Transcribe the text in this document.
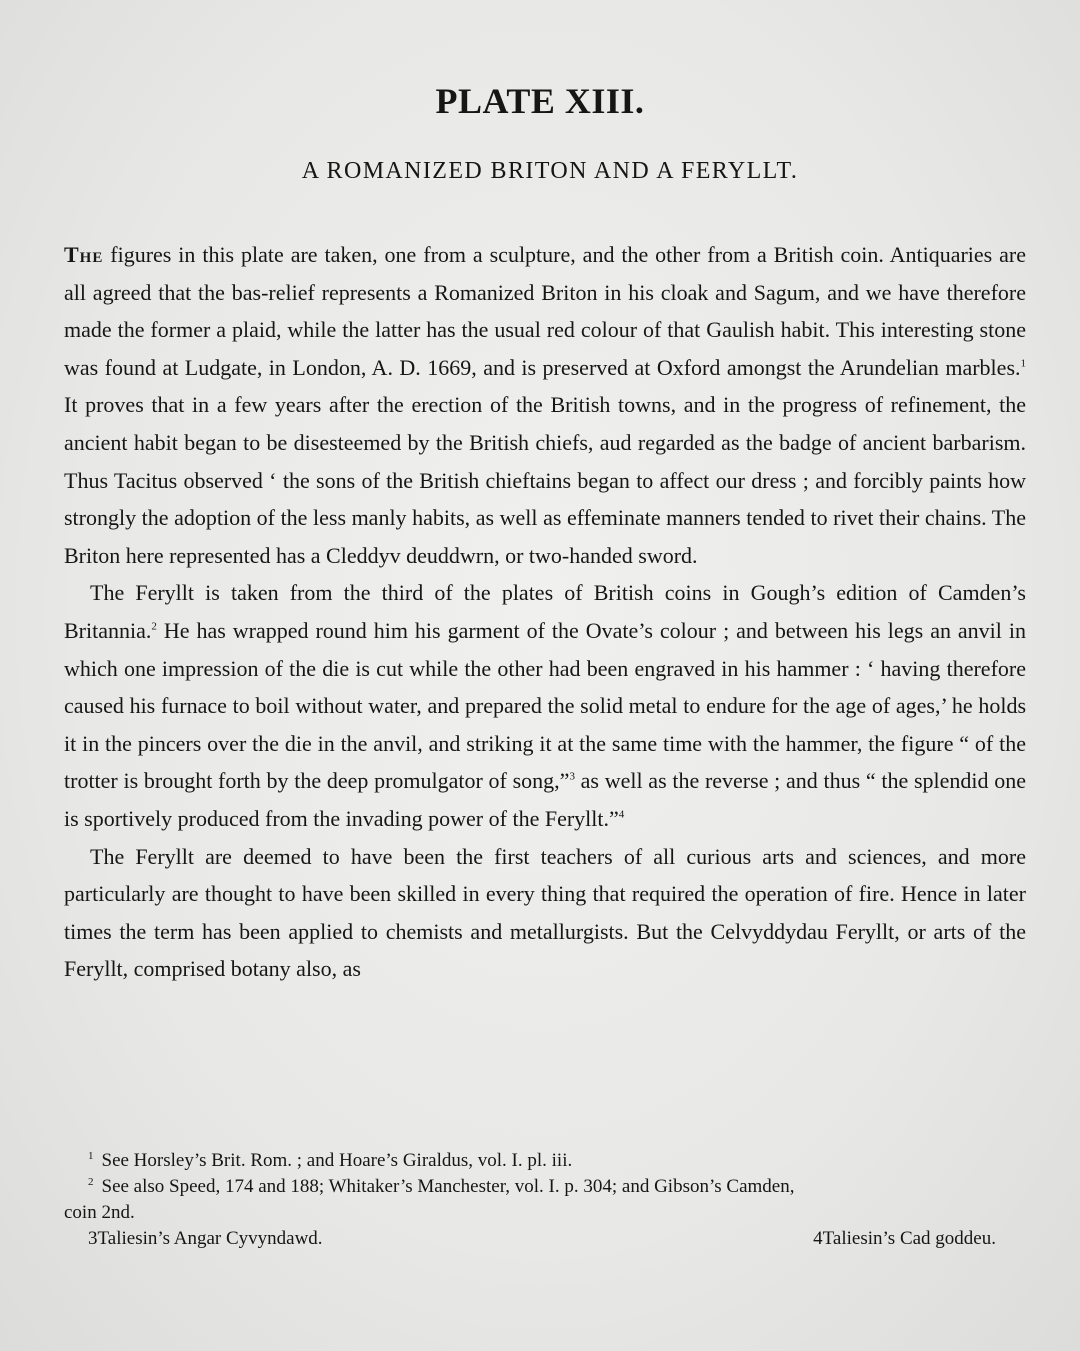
PLATE XIII.
A ROMANIZED BRITON AND A FERYLLT.

The figures in this plate are taken, one from a sculpture, and the other from a British coin. Antiquaries are all agreed that the bas-relief represents a Romanized Briton in his cloak and Sagum, and we have therefore made the former a plaid, while the latter has the usual red colour of that Gaulish habit. This interesting stone was found at Ludgate, in London, A. D. 1669, and is preserved at Oxford amongst the Arundelian marbles.$^1$ It proves that in a few years after the erection of the British towns, and in the progress of refinement, the ancient habit began to be disesteemed by the British chiefs, aud regarded as the badge of ancient barbarism. Thus Tacitus observed ‘ the sons of the British chieftains began to affect our dress ; and forcibly paints how strongly the adoption of the less manly habits, as well as effeminate manners tended to rivet their chains. The Briton here represented has a Cleddyv deuddwrn, or two-handed sword.

The Feryllt is taken from the third of the plates of British coins in Gough’s edition of Camden’s Britannia.$^2$ He has wrapped round him his garment of the Ovate’s colour ; and between his legs an anvil in which one impression of the die is cut while the other had been engraved in his hammer : ‘ having therefore caused his furnace to boil without water, and prepared the solid metal to endure for the age of ages,’ he holds it in the pincers over the die in the anvil, and striking it at the same time with the hammer, the figure “ of the trotter is brought forth by the deep promulgator of song,”$^3$ as well as the reverse ; and thus “ the splendid one is sportively produced from the invading power of the Feryllt.”$^4$

The Feryllt are deemed to have been the first teachers of all curious arts and sciences, and more particularly are thought to have been skilled in every thing that required the operation of fire. Hence in later times the term has been applied to chemists and metallurgists. But the Celvyddydau Feryllt, or arts of the Feryllt, comprised botany also, as

$^1$ See Horsley’s Brit. Rom. ; and Hoare’s Giraldus, vol. I. pl. iii.

$^2$ See also Speed, 174 and 188; Whitaker’s Manchester, vol. I. p. 304; and Gibson’s Camden,

coin 2nd.

3Taliesin’s Angar Cyvyndawd.	4Taliesin’s Cad goddeu.
